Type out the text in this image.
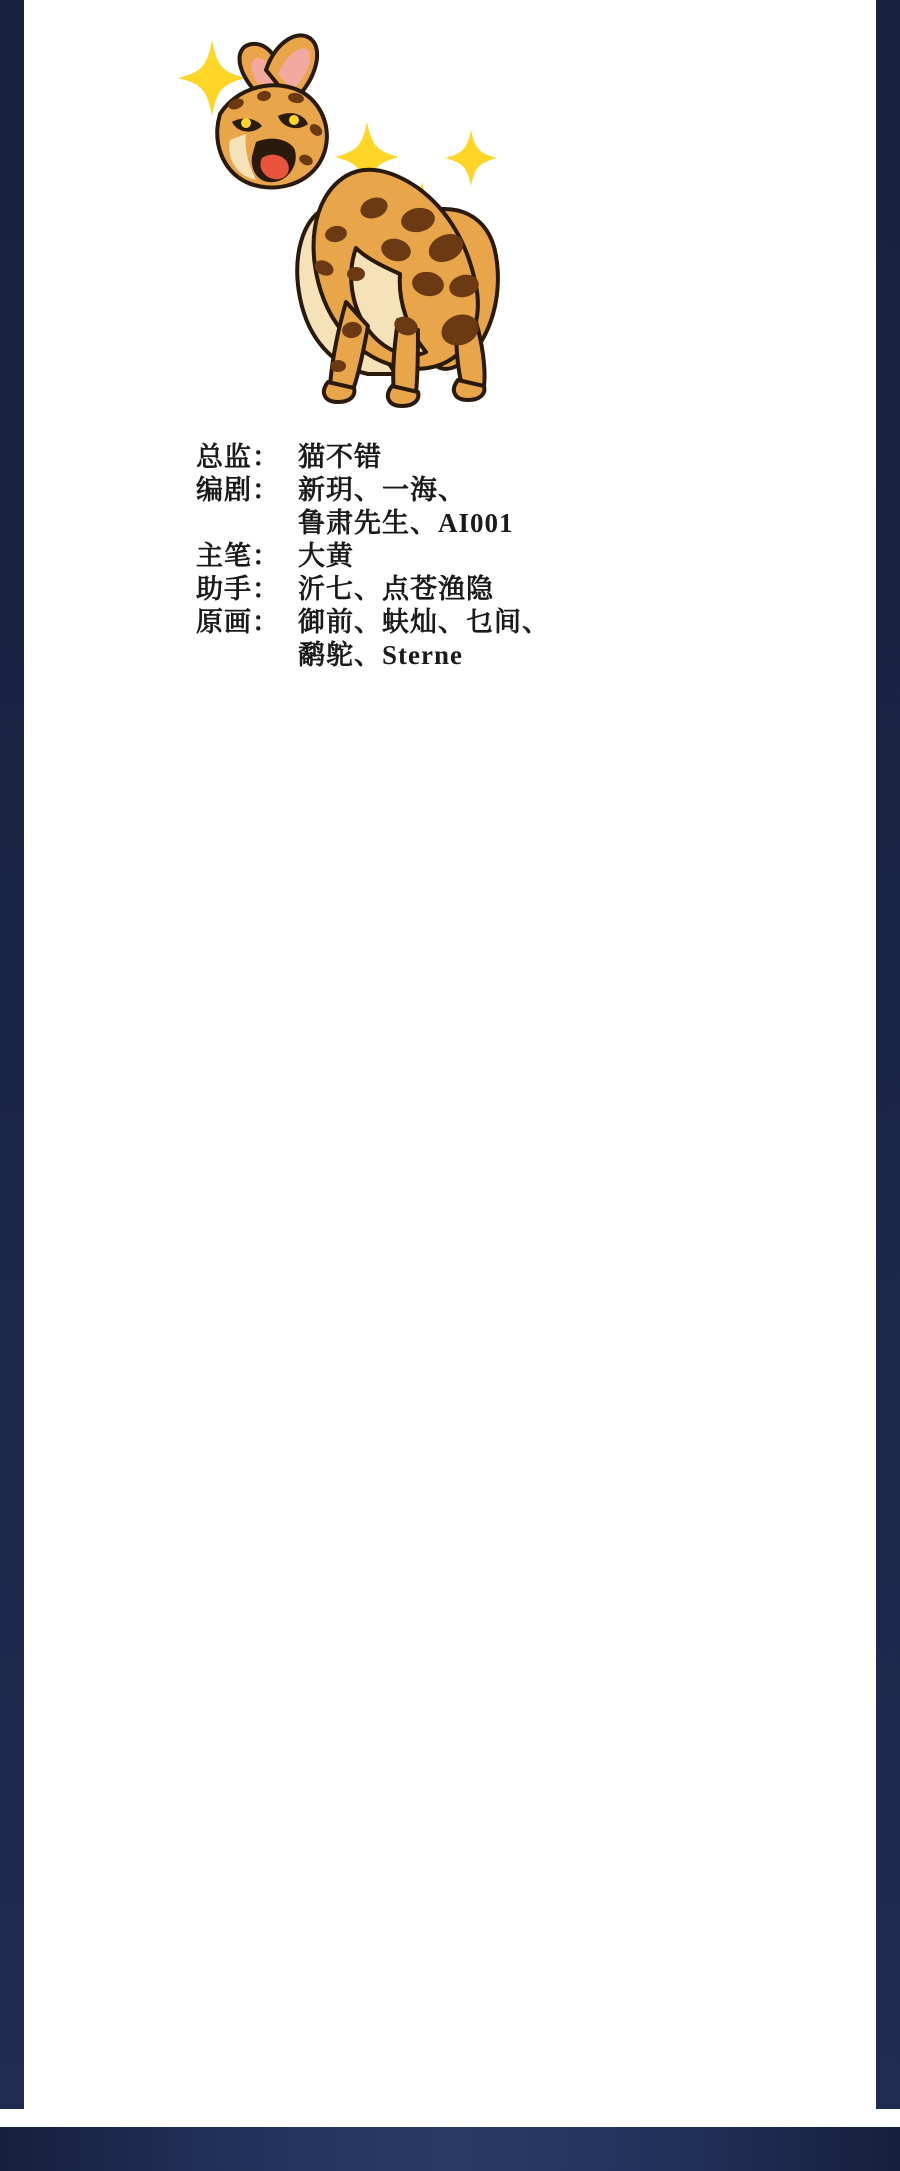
总监： 猫不错
编剧： 新玥、一海、
鲁肃先生、AI001
主笔： 大黄
助手： 沂七、点苍渔隐
原画： 御前、蚨灿、乜间、
鹬鸵、Sterne
